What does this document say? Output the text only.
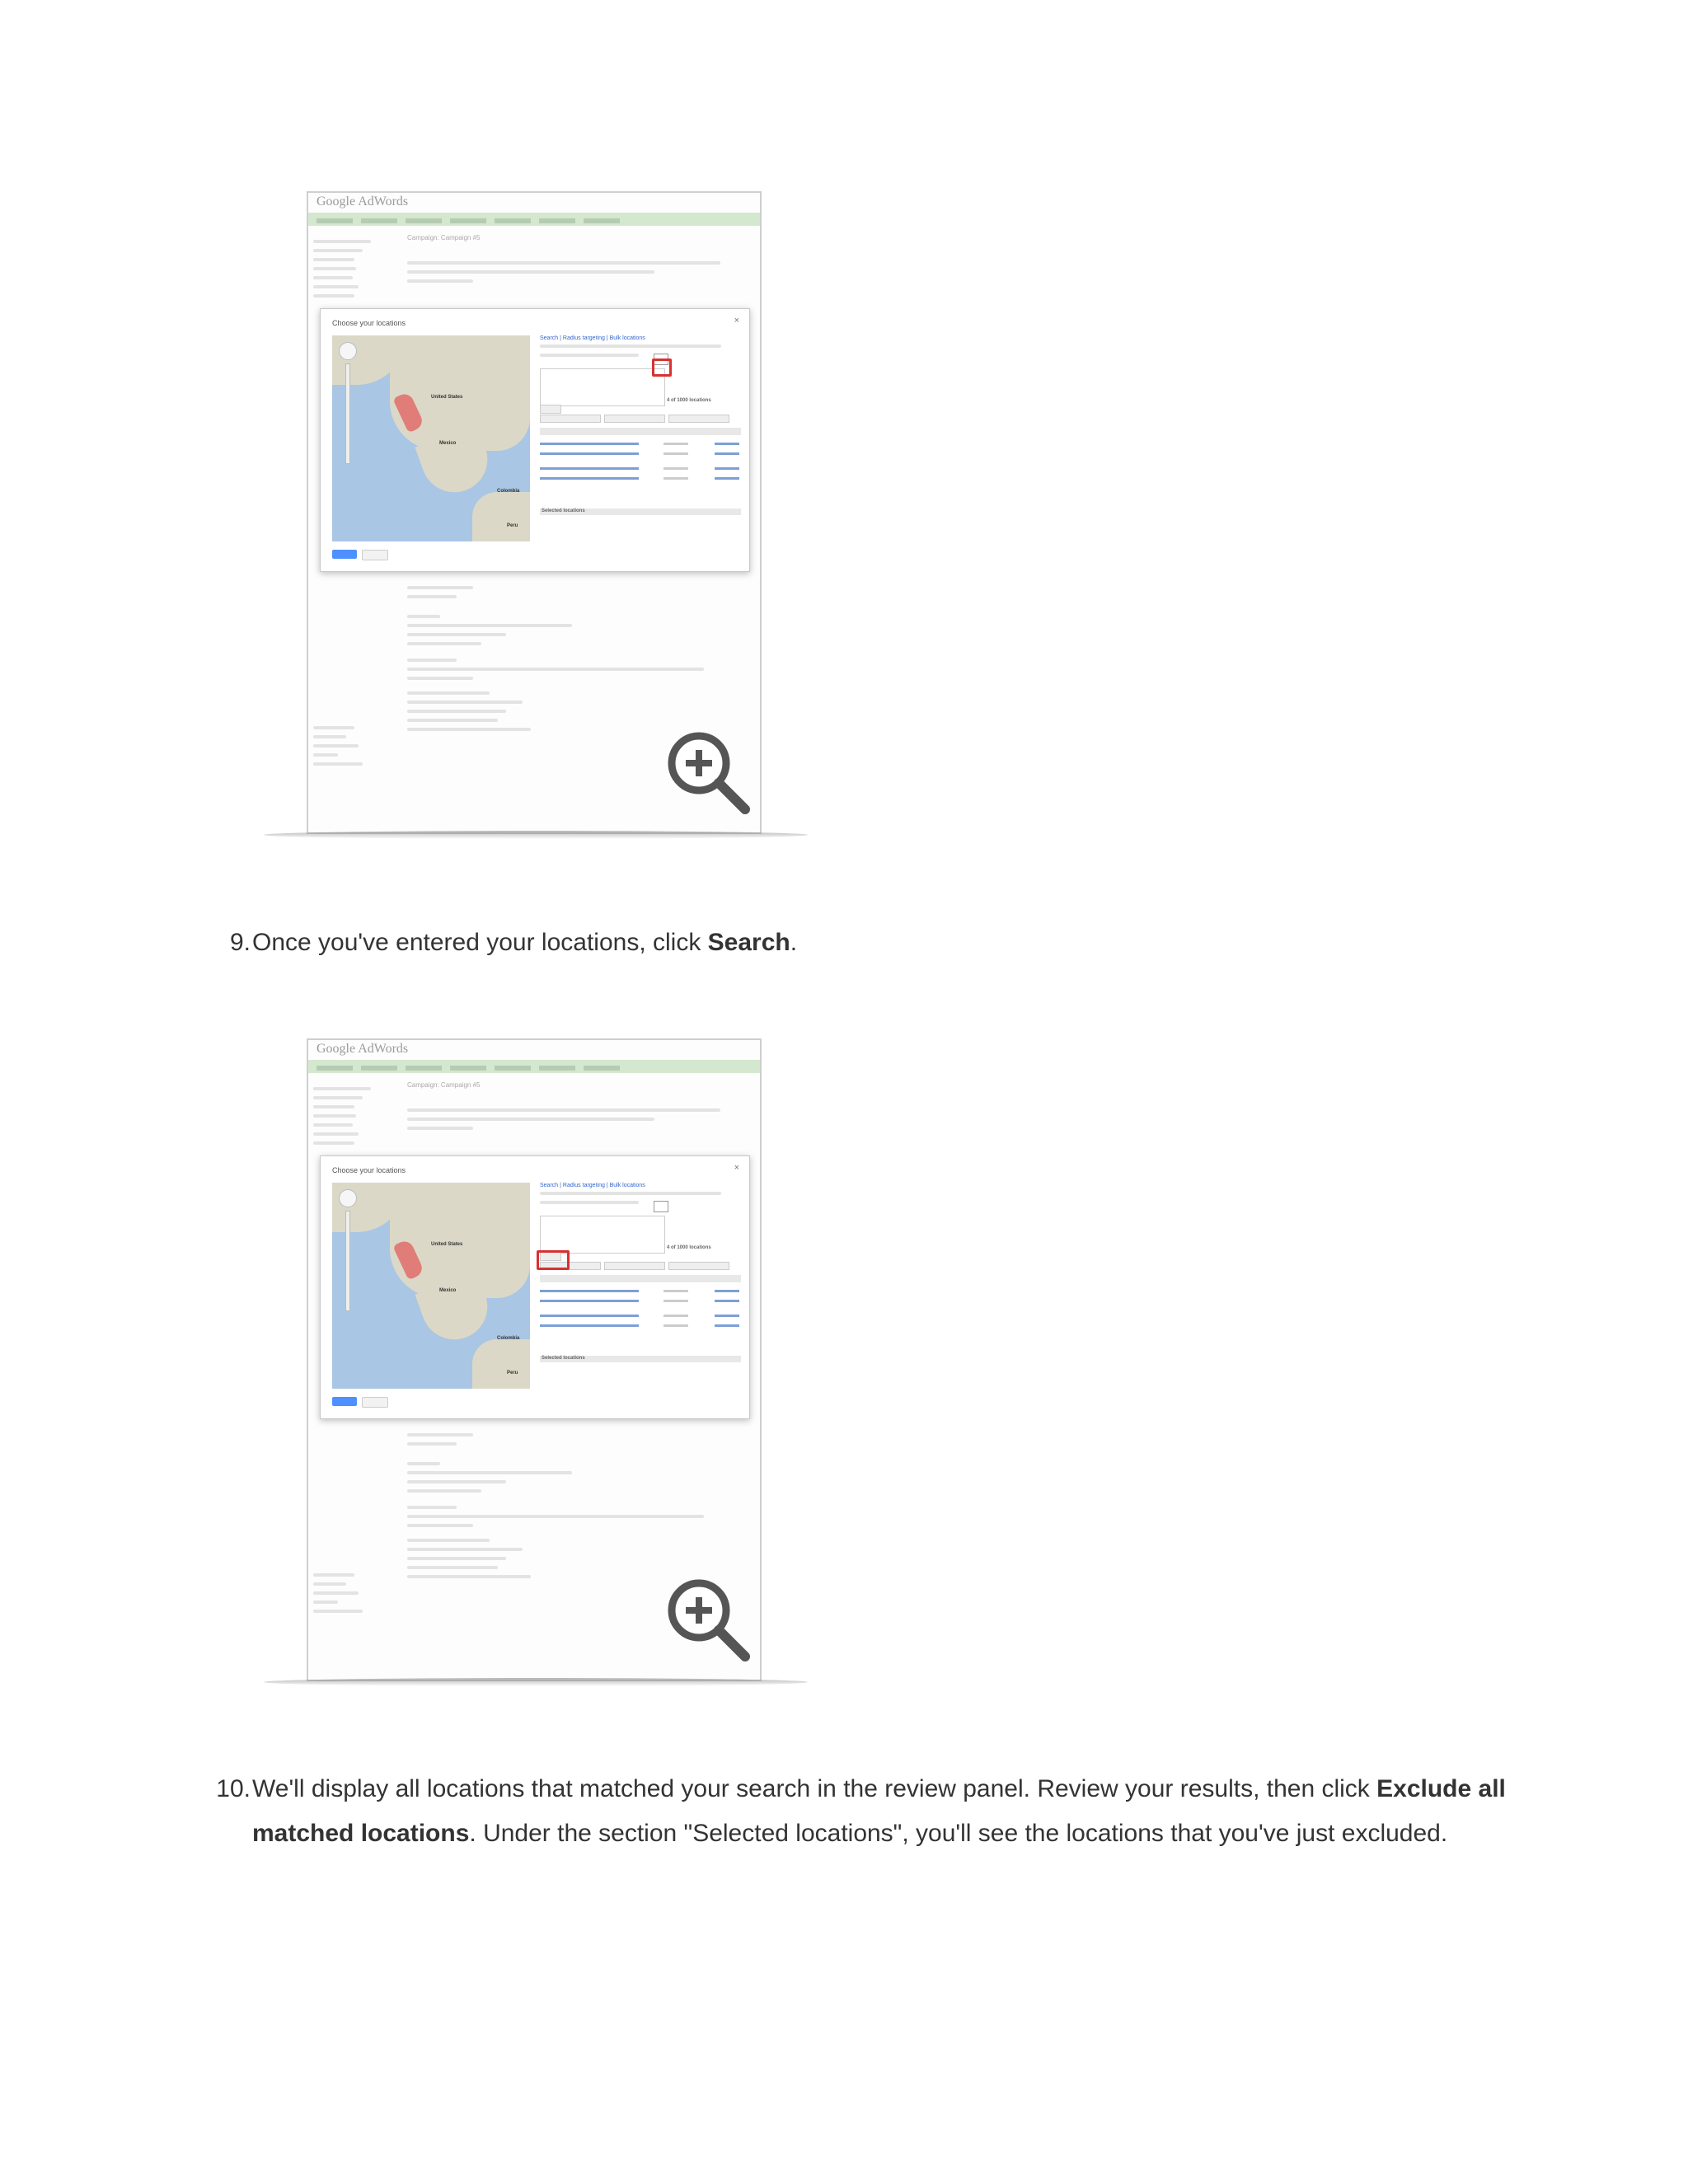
Google AdWords
Campaign: Campaign #5
Choose your locations	×
United States
Mexico
Colombia
Peru
Search | Radius targeting | Bulk locations
4 of 1000 locations
Selected locations
9. Once you've entered your locations, click Search.
Google AdWords
Campaign: Campaign #5
Choose your locations	×
United States
Mexico
Colombia
Peru
Search | Radius targeting | Bulk locations
4 of 1000 locations
Selected locations
10. We'll display all locations that matched your search in the review panel. Review your results, then click Exclude all matched locations. Under the section "Selected locations", you'll see the locations that you've just excluded.
